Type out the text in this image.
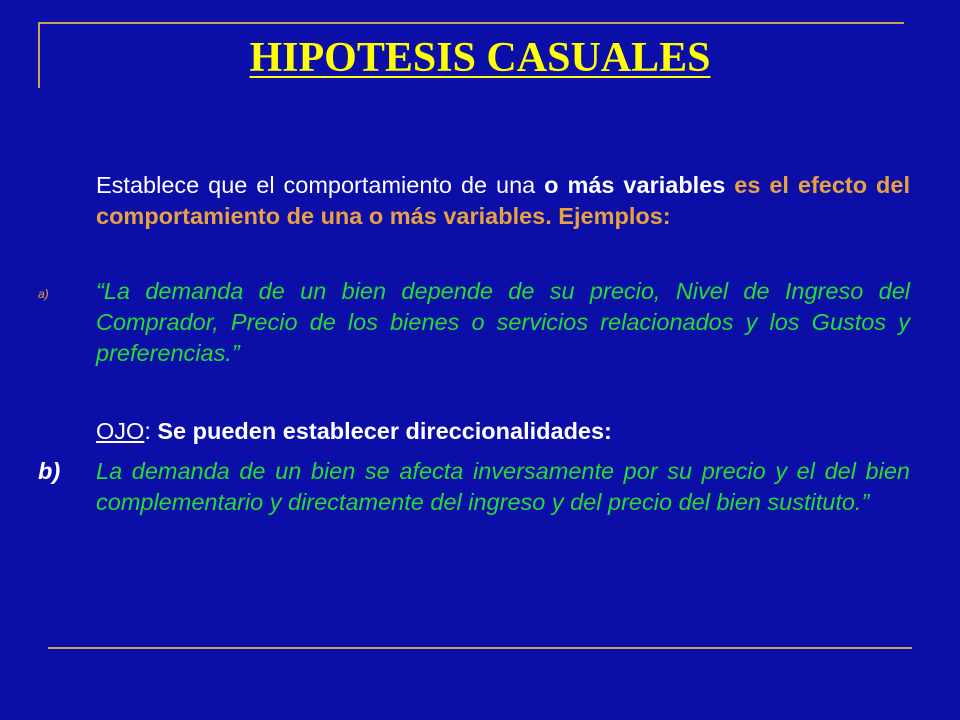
HIPOTESIS CASUALES
Establece que el comportamiento de una o más variables es el efecto del comportamiento de una o más variables. Ejemplos:
a) “La demanda de un bien depende de su precio, Nivel de Ingreso del Comprador, Precio de los bienes o servicios relacionados y los Gustos y preferencias.”
OJO: Se pueden establecer direccionalidades:
b) La demanda de un bien se afecta inversamente por su precio y el del bien complementario y directamente del ingreso y del precio del bien sustituto.”
